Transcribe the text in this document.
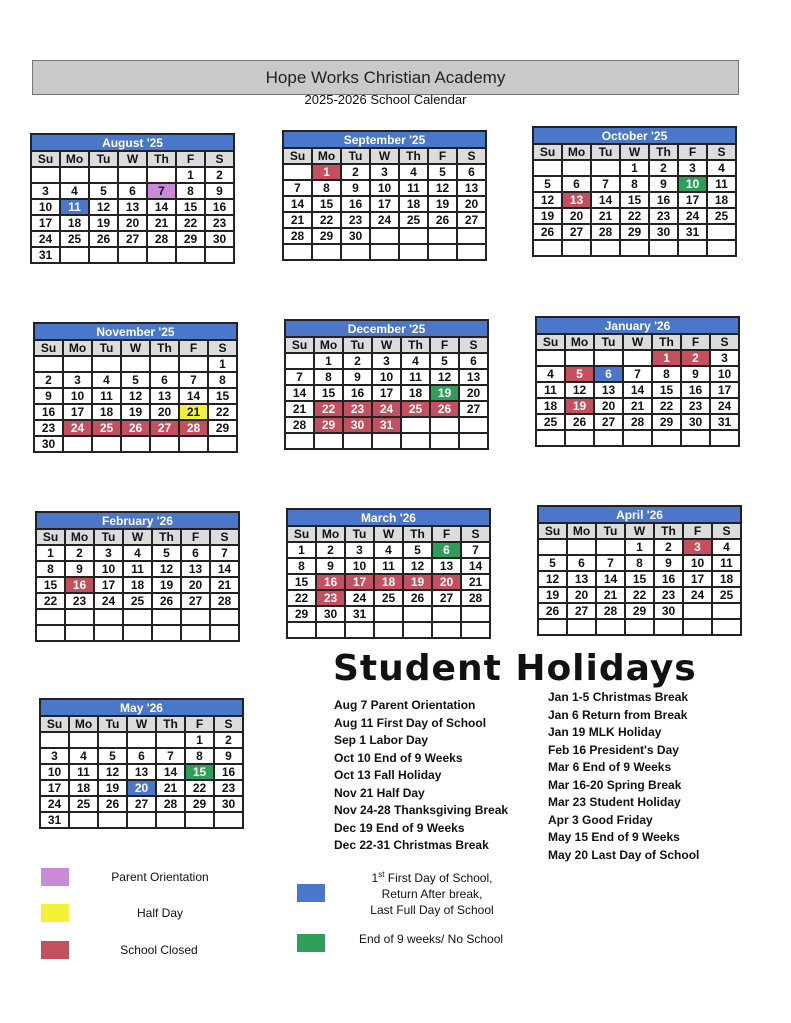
Hope Works Christian Academy
2025-2026 School Calendar
August '25
Su	Mo	Tu	W	Th	F	S
					1	2
3	4	5	6	7	8	9
10	11	12	13	14	15	16
17	18	19	20	21	22	23
24	25	26	27	28	29	30
31						
September '25
Su	Mo	Tu	W	Th	F	S
	1	2	3	4	5	6
7	8	9	10	11	12	13
14	15	16	17	18	19	20
21	22	23	24	25	26	27
28	29	30				

October '25
Su	Mo	Tu	W	Th	F	S
			1	2	3	4
5	6	7	8	9	10	11
12	13	14	15	16	17	18
19	20	21	22	23	24	25
26	27	28	29	30	31	

November '25
Su	Mo	Tu	W	Th	F	S
						1
2	3	4	5	6	7	8
9	10	11	12	13	14	15
16	17	18	19	20	21	22
23	24	25	26	27	28	29
30						
December '25
Su	Mo	Tu	W	Th	F	S
	1	2	3	4	5	6
7	8	9	10	11	12	13
14	15	16	17	18	19	20
21	22	23	24	25	26	27
28	29	30	31			

January '26
Su	Mo	Tu	W	Th	F	S
				1	2	3
4	5	6	7	8	9	10
11	12	13	14	15	16	17
18	19	20	21	22	23	24
25	26	27	28	29	30	31

February '26
Su	Mo	Tu	W	Th	F	S
1	2	3	4	5	6	7
8	9	10	11	12	13	14
15	16	17	18	19	20	21
22	23	24	25	26	27	28

March '26
Su	Mo	Tu	W	Th	F	S
1	2	3	4	5	6	7
8	9	10	11	12	13	14
15	16	17	18	19	20	21
22	23	24	25	26	27	28
29	30	31				

April '26
Su	Mo	Tu	W	Th	F	S
			1	2	3	4
5	6	7	8	9	10	11
12	13	14	15	16	17	18
19	20	21	22	23	24	25
26	27	28	29	30		

May '26
Su	Mo	Tu	W	Th	F	S
					1	2
3	4	5	6	7	8	9
10	11	12	13	14	15	16
17	18	19	20	21	22	23
24	25	26	27	28	29	30
31						
Student Holidays
Aug 7 Parent Orientation
Aug 11 First Day of School
Sep 1 Labor Day
Oct 10 End of 9 Weeks
Oct 13 Fall Holiday
Nov 21 Half Day
Nov 24-28 Thanksgiving Break
Dec 19 End of 9 Weeks
Dec 22-31 Christmas Break
Jan 1-5 Christmas Break
Jan 6 Return from Break
Jan 19 MLK Holiday
Feb 16 President's Day
Mar 6 End of 9 Weeks
Mar 16-20 Spring Break
Mar 23 Student Holiday
Apr 3 Good Friday
May 15 End of 9 Weeks
May 20 Last Day of School
Parent Orientation
Half Day
School Closed
1st First Day of School,
Return After break,
Last Full Day of School
End of 9 weeks/ No School
